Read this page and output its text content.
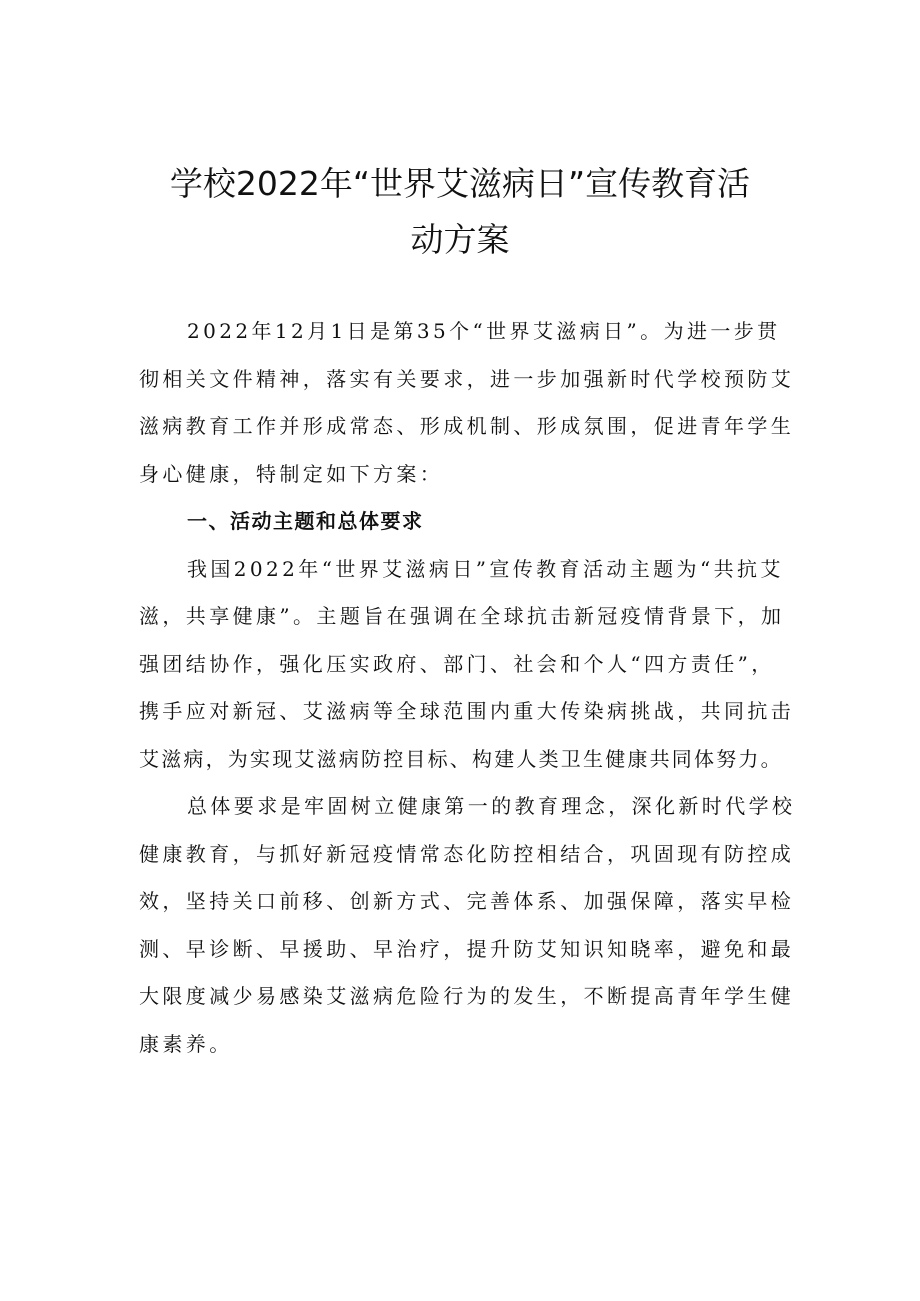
学校2022年“世界艾滋病日”宣传教育活
动方案

2022年12月1日是第35个“世界艾滋病日”。为进一步贯
彻相关文件精神，落实有关要求，进一步加强新时代学校预防艾
滋病教育工作并形成常态、形成机制、形成氛围，促进青年学生
身心健康，特制定如下方案：

一、活动主题和总体要求

我国2022年“世界艾滋病日”宣传教育活动主题为“共抗艾
滋，共享健康”。主题旨在强调在全球抗击新冠疫情背景下，加
强团结协作，强化压实政府、部门、社会和个人“四方责任”，
携手应对新冠、艾滋病等全球范围内重大传染病挑战，共同抗击
艾滋病，为实现艾滋病防控目标、构建人类卫生健康共同体努力。

总体要求是牢固树立健康第一的教育理念，深化新时代学校
健康教育，与抓好新冠疫情常态化防控相结合，巩固现有防控成
效，坚持关口前移、创新方式、完善体系、加强保障，落实早检
测、早诊断、早援助、早治疗，提升防艾知识知晓率，避免和最
大限度减少易感染艾滋病危险行为的发生，不断提高青年学生健
康素养。
